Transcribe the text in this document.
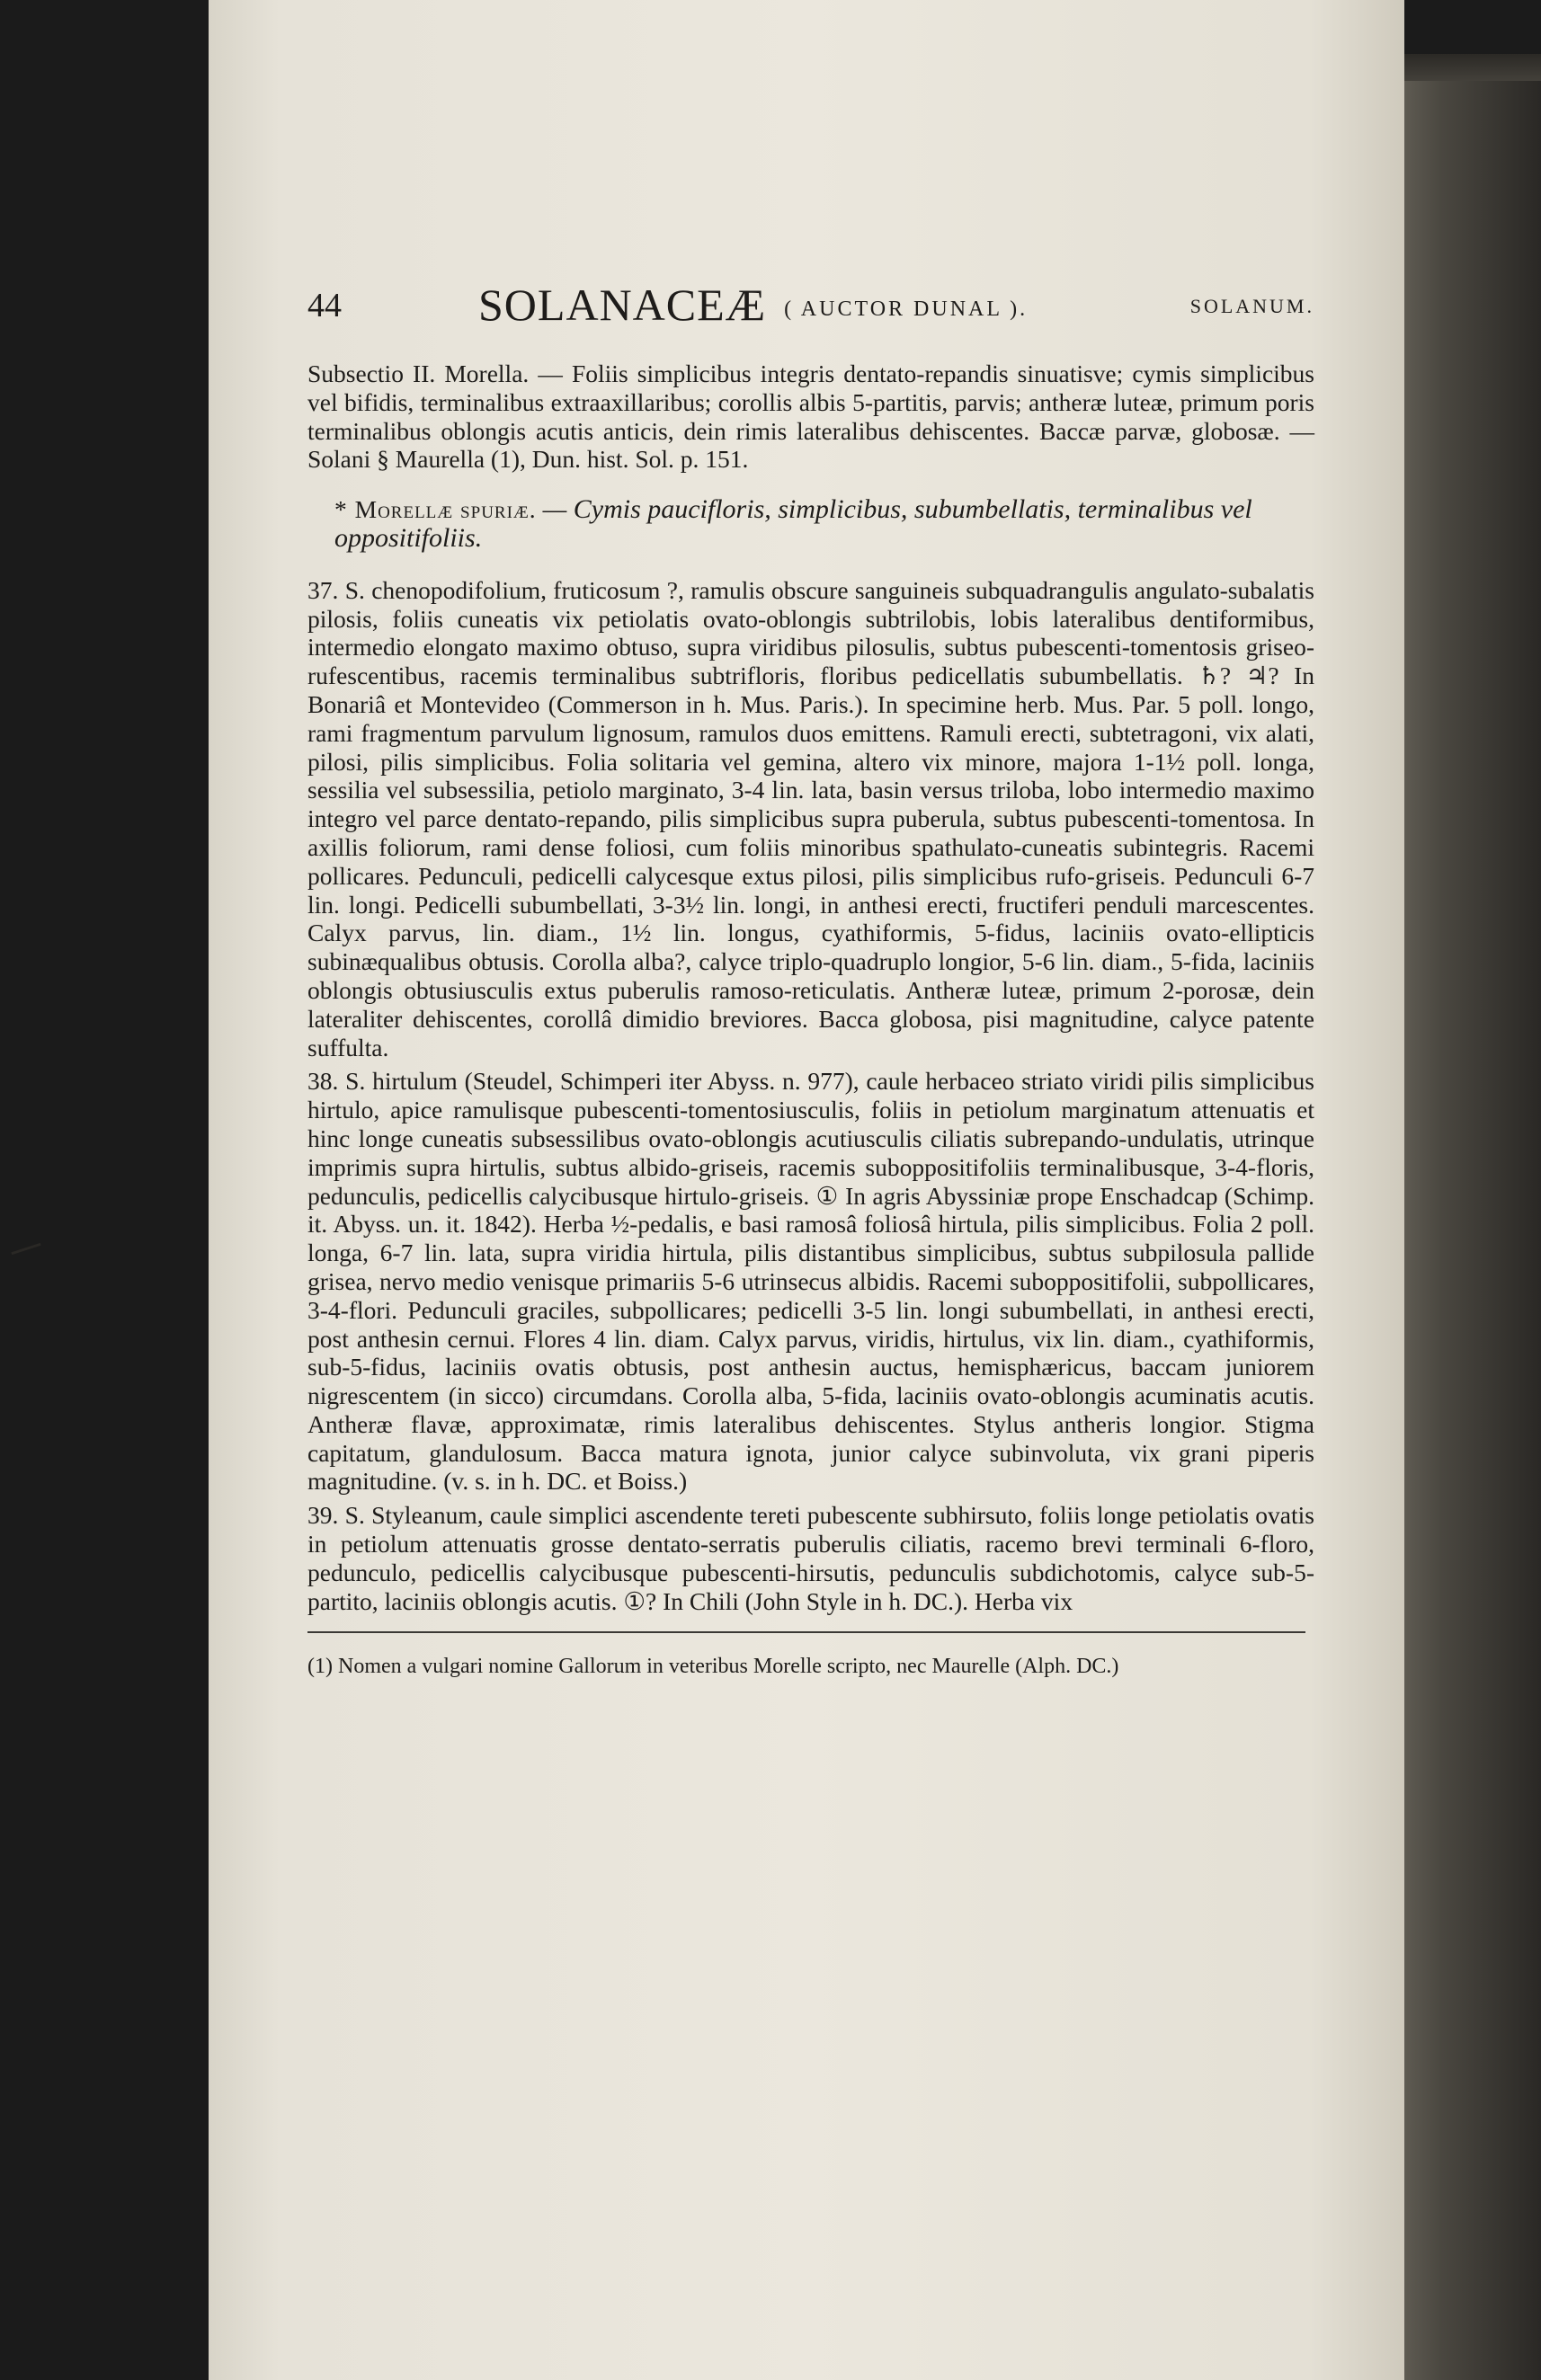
44	SOLANACEÆ ( AUCTOR DUNAL ).	SOLANUM.

Subsectio II. Morella. — Foliis simplicibus integris dentato-repandis sinuatisve; cymis simplicibus vel bifidis, terminalibus extraaxillaribus; corollis albis 5-partitis, parvis; antheræ luteæ, primum poris terminalibus oblongis acutis anticis, dein rimis lateralibus dehiscentes. Baccæ parvæ, globosæ. — Solani § Maurella (1), Dun. hist. Sol. p. 151.

* Morellæ spuriæ. — Cymis paucifloris, simplicibus, subumbellatis, terminalibus vel oppositifoliis.

37. S. chenopodifolium, fruticosum ?, ramulis obscure sanguineis subquadrangulis angulato-subalatis pilosis, foliis cuneatis vix petiolatis ovato-oblongis subtrilobis, lobis lateralibus dentiformibus, intermedio elongato maximo obtuso, supra viridibus pilosulis, subtus pubescenti-tomentosis griseo-rufescentibus, racemis terminalibus subtrifloris, floribus pedicellatis subumbellatis. ♄? ♃? In Bonariâ et Montevideo (Commerson in h. Mus. Paris.). In specimine herb. Mus. Par. 5 poll. longo, rami fragmentum parvulum lignosum, ramulos duos emittens. Ramuli erecti, subtetragoni, vix alati, pilosi, pilis simplicibus. Folia solitaria vel gemina, altero vix minore, majora 1-1½ poll. longa, sessilia vel subsessilia, petiolo marginato, 3-4 lin. lata, basin versus triloba, lobo intermedio maximo integro vel parce dentato-repando, pilis simplicibus supra puberula, subtus pubescenti-tomentosa. In axillis foliorum, rami dense foliosi, cum foliis minoribus spathulato-cuneatis subintegris. Racemi pollicares. Pedunculi, pedicelli calycesque extus pilosi, pilis simplicibus rufo-griseis. Pedunculi 6-7 lin. longi. Pedicelli subumbellati, 3-3½ lin. longi, in anthesi erecti, fructiferi penduli marcescentes. Calyx parvus, lin. diam., 1½ lin. longus, cyathiformis, 5-fidus, laciniis ovato-ellipticis subinæqualibus obtusis. Corolla alba?, calyce triplo-quadruplo longior, 5-6 lin. diam., 5-fida, laciniis oblongis obtusiusculis extus puberulis ramoso-reticulatis. Antheræ luteæ, primum 2-porosæ, dein lateraliter dehiscentes, corollâ dimidio breviores. Bacca globosa, pisi magnitudine, calyce patente suffulta.

38. S. hirtulum (Steudel, Schimperi iter Abyss. n. 977), caule herbaceo striato viridi pilis simplicibus hirtulo, apice ramulisque pubescenti-tomentosiusculis, foliis in petiolum marginatum attenuatis et hinc longe cuneatis subsessilibus ovato-oblongis acutiusculis ciliatis subrepando-undulatis, utrinque imprimis supra hirtulis, subtus albido-griseis, racemis suboppositifoliis terminalibusque, 3-4-floris, pedunculis, pedicellis calycibusque hirtulo-griseis. ① In agris Abyssiniæ prope Enschadcap (Schimp. it. Abyss. un. it. 1842). Herba ½-pedalis, e basi ramosâ foliosâ hirtula, pilis simplicibus. Folia 2 poll. longa, 6-7 lin. lata, supra viridia hirtula, pilis distantibus simplicibus, subtus subpilosula pallide grisea, nervo medio venisque primariis 5-6 utrinsecus albidis. Racemi suboppositifolii, subpollicares, 3-4-flori. Pedunculi graciles, subpollicares; pedicelli 3-5 lin. longi subumbellati, in anthesi erecti, post anthesin cernui. Flores 4 lin. diam. Calyx parvus, viridis, hirtulus, vix lin. diam., cyathiformis, sub-5-fidus, laciniis ovatis obtusis, post anthesin auctus, hemisphæricus, baccam juniorem nigrescentem (in sicco) circumdans. Corolla alba, 5-fida, laciniis ovato-oblongis acuminatis acutis. Antheræ flavæ, approximatæ, rimis lateralibus dehiscentes. Stylus antheris longior. Stigma capitatum, glandulosum. Bacca matura ignota, junior calyce subinvoluta, vix grani piperis magnitudine. (v. s. in h. DC. et Boiss.)

39. S. Styleanum, caule simplici ascendente tereti pubescente subhirsuto, foliis longe petiolatis ovatis in petiolum attenuatis grosse dentato-serratis puberulis ciliatis, racemo brevi terminali 6-floro, pedunculo, pedicellis calycibusque pubescenti-hirsutis, pedunculis subdichotomis, calyce sub-5-partito, laciniis oblongis acutis. ①? In Chili (John Style in h. DC.). Herba vix

(1) Nomen a vulgari nomine Gallorum in veteribus Morelle scripto, nec Maurelle (Alph. DC.)
